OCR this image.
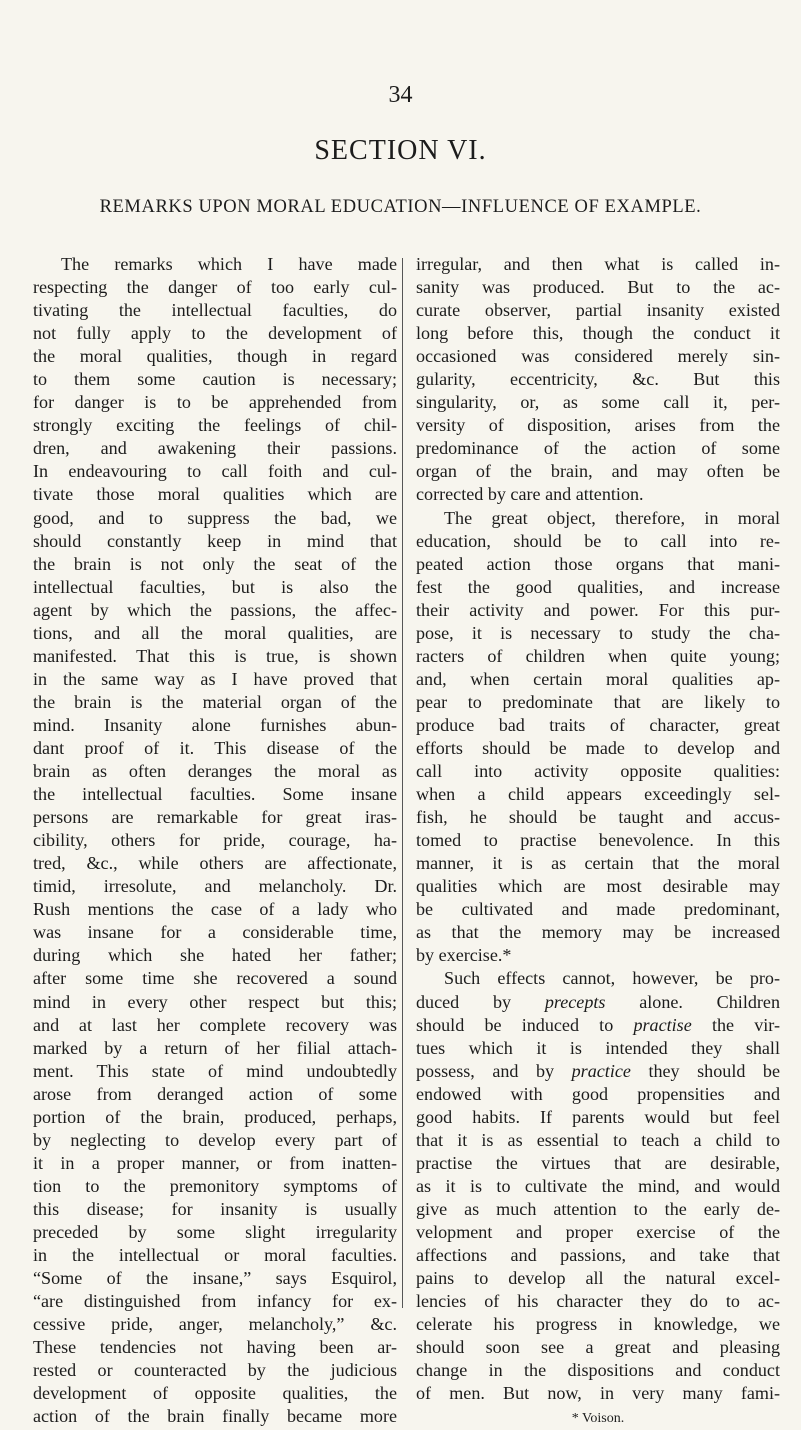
34
SECTION VI.
REMARKS UPON MORAL EDUCATION—INFLUENCE OF EXAMPLE.
The remarks which I have made
respecting the danger of too early cul-
tivating the intellectual faculties, do
not fully apply to the development of
the moral qualities, though in regard
to them some caution is necessary;
for danger is to be apprehended from
strongly exciting the feelings of chil-
dren, and awakening their passions.
In endeavouring to call foith and cul-
tivate those moral qualities which are
good, and to suppress the bad, we
should constantly keep in mind that
the brain is not only the seat of the
intellectual faculties, but is also the
agent by which the passions, the affec-
tions, and all the moral qualities, are
manifested. That this is true, is shown
in the same way as I have proved that
the brain is the material organ of the
mind. Insanity alone furnishes abun-
dant proof of it. This disease of the
brain as often deranges the moral as
the intellectual faculties. Some insane
persons are remarkable for great iras-
cibility, others for pride, courage, ha-
tred, &c., while others are affectionate,
timid, irresolute, and melancholy. Dr.
Rush mentions the case of a lady who
was insane for a considerable time,
during which she hated her father;
after some time she recovered a sound
mind in every other respect but this;
and at last her complete recovery was
marked by a return of her filial attach-
ment. This state of mind undoubtedly
arose from deranged action of some
portion of the brain, produced, perhaps,
by neglecting to develop every part of
it in a proper manner, or from inatten-
tion to the premonitory symptoms of
this disease; for insanity is usually
preceded by some slight irregularity
in the intellectual or moral faculties.
“Some of the insane,” says Esquirol,
“are distinguished from infancy for ex-
cessive pride, anger, melancholy,” &c.
These tendencies not having been ar-
rested or counteracted by the judicious
development of opposite qualities, the
action of the brain finally became more
irregular, and then what is called in-
sanity was produced. But to the ac-
curate observer, partial insanity existed
long before this, though the conduct it
occasioned was considered merely sin-
gularity, eccentricity, &c. But this
singularity, or, as some call it, per-
versity of disposition, arises from the
predominance of the action of some
organ of the brain, and may often be
corrected by care and attention.
The great object, therefore, in moral
education, should be to call into re-
peated action those organs that mani-
fest the good qualities, and increase
their activity and power. For this pur-
pose, it is necessary to study the cha-
racters of children when quite young;
and, when certain moral qualities ap-
pear to predominate that are likely to
produce bad traits of character, great
efforts should be made to develop and
call into activity opposite qualities:
when a child appears exceedingly sel-
fish, he should be taught and accus-
tomed to practise benevolence. In this
manner, it is as certain that the moral
qualities which are most desirable may
be cultivated and made predominant,
as that the memory may be increased
by exercise.*
Such effects cannot, however, be pro-
duced by precepts alone. Children
should be induced to practise the vir-
tues which it is intended they shall
possess, and by practice they should be
endowed with good propensities and
good habits. If parents would but feel
that it is as essential to teach a child to
practise the virtues that are desirable,
as it is to cultivate the mind, and would
give as much attention to the early de-
velopment and proper exercise of the
affections and passions, and take that
pains to develop all the natural excel-
lencies of his character they do to ac-
celerate his progress in knowledge, we
should soon see a great and pleasing
change in the dispositions and conduct
of men. But now, in very many fami-
* Voison.
